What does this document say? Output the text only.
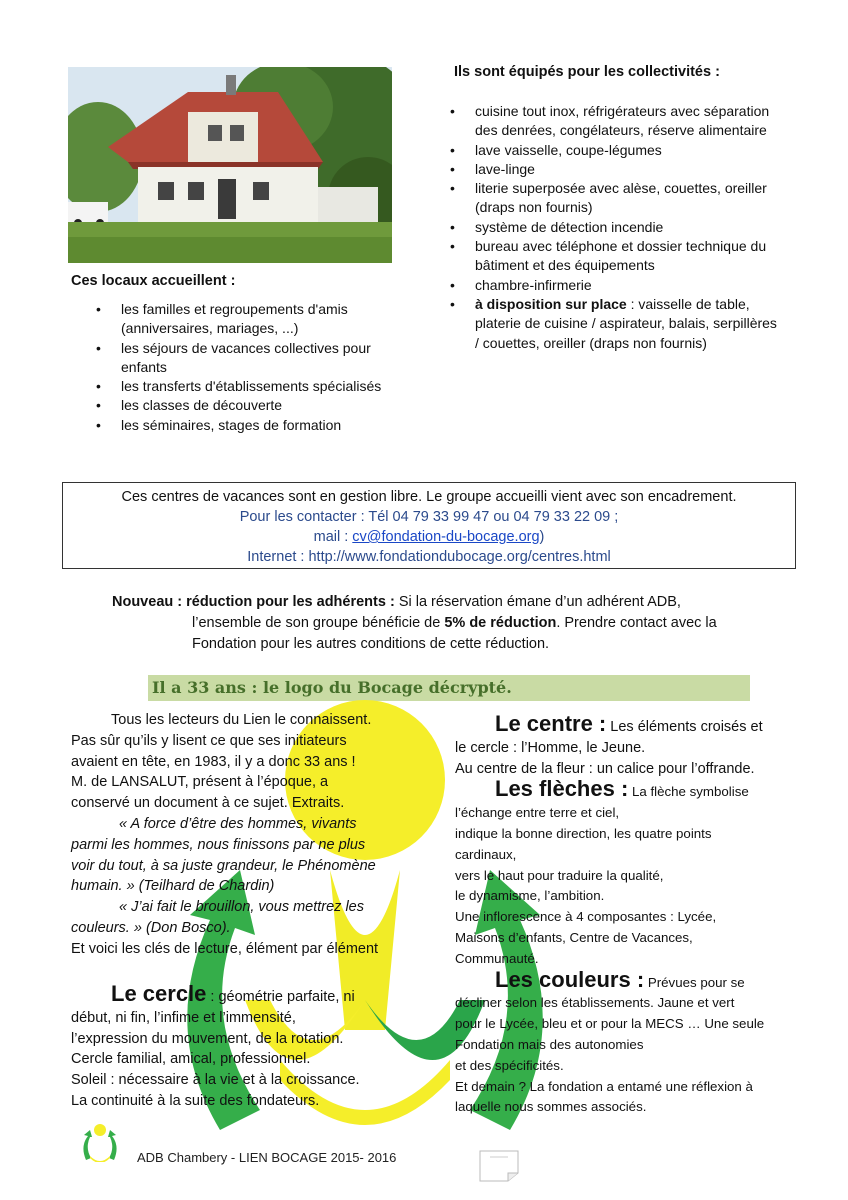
Ils sont équipés pour les collectivités :
• cuisine tout inox, réfrigérateurs avec séparation
des denrées, congélateurs, réserve alimentaire
• lave vaisselle, coupe-légumes
• lave-linge
• literie superposée avec alèse, couettes, oreiller
(draps non fournis)
• système de détection incendie
• bureau avec téléphone et dossier technique du
bâtiment et des équipements
• chambre-infirmerie
• à disposition sur place : vaisselle de table,
platerie de cuisine / aspirateur, balais, serpillères
/ couettes, oreiller (draps non fournis)
Ces locaux accueillent :
• les familles et regroupements d'amis
(anniversaires, mariages, ...)
• les séjours de vacances collectives pour
enfants
• les transferts d'établissements spécialisés
• les classes de découverte
• les séminaires, stages de formation
Ces centres de vacances sont en gestion libre. Le groupe accueilli vient avec son encadrement.
Pour les contacter : Tél 04 79 33 99 47 ou 04 79 33 22 09 ;
mail : cv@fondation-du-bocage.org)
Internet : http://www.fondationdubocage.org/centres.html
Nouveau : réduction pour les adhérents : Si la réservation émane d’un adhérent ADB,
l’ensemble de son groupe bénéficie de 5% de réduction. Prendre contact avec la
Fondation pour les autres conditions de cette réduction.
Il a 33 ans : le logo du Bocage décrypté.
Tous les lecteurs du Lien le connaissent.
Pas sûr qu’ils y lisent ce que ses initiateurs
avaient en tête, en 1983, il y a donc 33 ans !
M. de LANSALUT, présent à l’époque, a
conservé un document à ce sujet. Extraits.
« A force d’être des hommes, vivants
parmi les hommes, nous finissons par ne plus
voir du tout, à sa juste grandeur, le Phénomène
humain. » (Teilhard de Chardin)
« J’ai fait le brouillon, vous mettrez les
couleurs. » (Don Bosco).
Et voici les clés de lecture, élément par élément
Le cercle : géométrie parfaite, ni
début, ni fin, l’infime et l’immensité,
l’expression du mouvement, de la rotation.
Cercle familial, amical, professionnel.
Soleil : nécessaire à la vie et à la croissance.
La continuité à la suite des fondateurs.
Le centre : Les éléments croisés et
le cercle : l’Homme, le Jeune.
Au centre de la fleur : un calice pour l’offrande.
Les flèches : La flèche symbolise
l’échange entre terre et ciel,
indique la bonne direction, les quatre points
cardinaux,
vers le haut pour traduire la qualité,
le dynamisme, l’ambition.
Une inflorescence à 4 composantes : Lycée,
Maisons d’enfants, Centre de Vacances,
Communauté.
Les couleurs : Prévues pour se
décliner selon les établissements. Jaune et vert
pour le Lycée, bleu et or pour la MECS … Une seule
Fondation mais des autonomies
et des spécificités.
Et demain ? La fondation a entamé une réflexion à
laquelle nous sommes associés.
ADB Chambery - LIEN BOCAGE 2015- 2016
